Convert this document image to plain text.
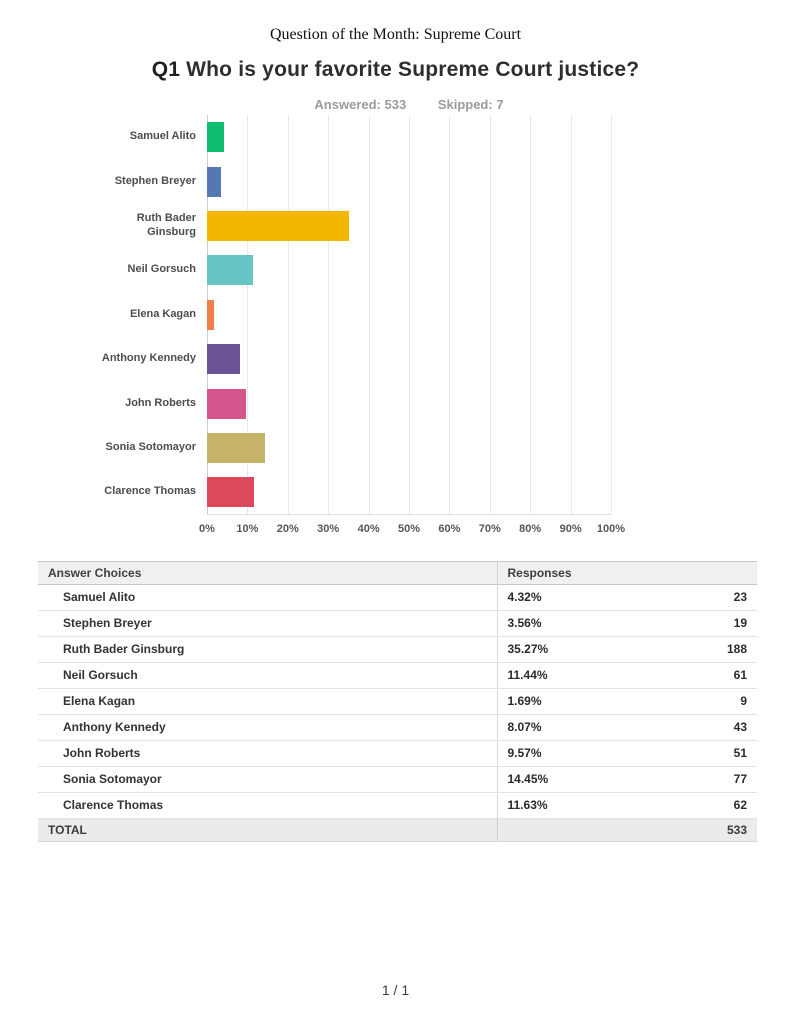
Question of the Month: Supreme Court
Q1 Who is your favorite Supreme Court justice?
Answered: 533 Skipped: 7
Samuel Alito
Stephen Breyer
Ruth Bader Ginsburg
Neil Gorsuch
Elena Kagan
Anthony Kennedy
John Roberts
Sonia Sotomayor
Clarence Thomas
0% 10% 20% 30% 40% 50% 60% 70% 80% 90% 100%
Answer Choices	Responses
Samuel Alito	4.32% 23

Stephen Breyer	3.56% 19

Ruth Bader Ginsburg	35.27% 188

Neil Gorsuch	11.44% 61

Elena Kagan	1.69% 9

Anthony Kennedy	8.07% 43

John Roberts	9.57% 51

Sonia Sotomayor	14.45% 77

Clarence Thomas	11.63% 62

TOTAL	533
1 / 1
